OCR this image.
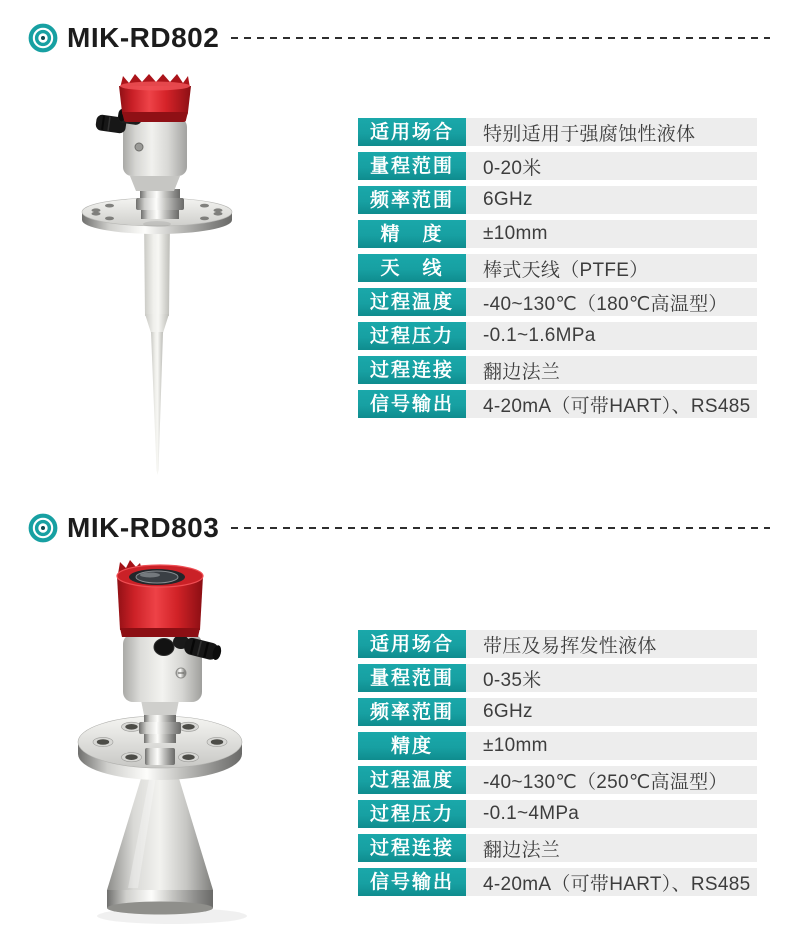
MIK-RD802
适用场合	特别适用于强腐蚀性液体
量程范围	0-20米
频率范围	6GHz
精　度	±10mm
天　线	棒式天线（PTFE）
过程温度	-40~130℃（180℃高温型）
过程压力	-0.1~1.6MPa
过程连接	翻边法兰
信号输出	4-20mA（可带HART）、RS485
MIK-RD803
适用场合	带压及易挥发性液体
量程范围	0-35米
频率范围	6GHz
精度	±10mm
过程温度	-40~130℃（250℃高温型）
过程压力	-0.1~4MPa
过程连接	翻边法兰
信号输出	4-20mA（可带HART）、RS485
